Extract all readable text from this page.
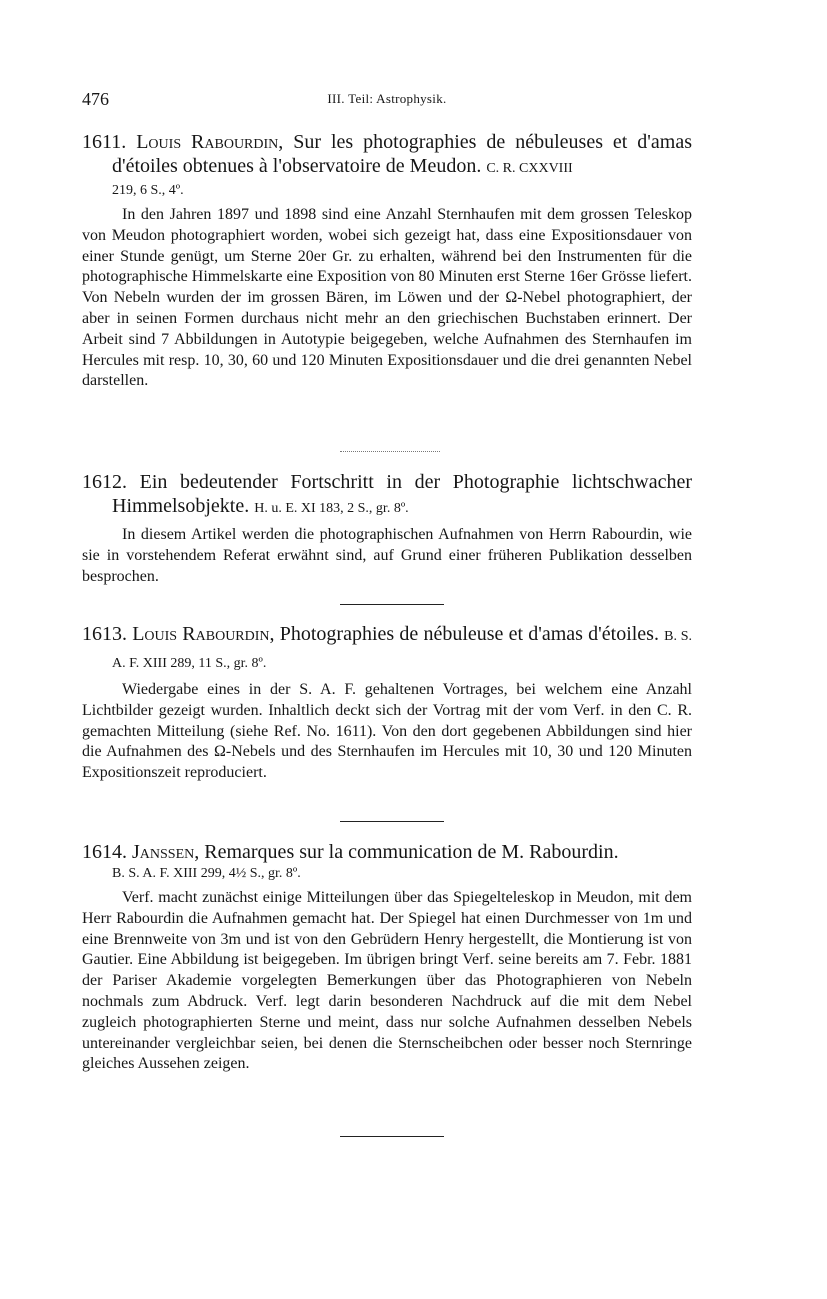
476	III. Teil: Astrophysik.

1611. Louis Rabourdin, Sur les photographies de nébuleuses et d'amas d'étoiles obtenues à l'observatoire de Meudon. C. R. CXXVIII

219, 6 S., 4º.

In den Jahren 1897 und 1898 sind eine Anzahl Sternhaufen mit dem grossen Teleskop von Meudon photographiert worden, wobei sich gezeigt hat, dass eine Expositionsdauer von einer Stunde genügt, um Sterne 20er Gr. zu erhalten, während bei den Instrumenten für die photographische Himmelskarte eine Exposition von 80 Minuten erst Sterne 16er Grösse liefert. Von Nebeln wurden der im grossen Bären, im Löwen und der Ω-Nebel photographiert, der aber in seinen Formen durchaus nicht mehr an den griechischen Buchstaben erinnert. Der Arbeit sind 7 Abbildungen in Autotypie beigegeben, welche Aufnahmen des Sternhaufen im Hercules mit resp. 10, 30, 60 und 120 Minuten Expositionsdauer und die drei genannten Nebel darstellen.

1612. Ein bedeutender Fortschritt in der Photographie lichtschwacher Himmelsobjekte. H. u. E. XI 183, 2 S., gr. 8º.

In diesem Artikel werden die photographischen Aufnahmen von Herrn Rabourdin, wie sie in vorstehendem Referat erwähnt sind, auf Grund einer früheren Publikation desselben besprochen.

1613. Louis Rabourdin, Photographies de nébuleuse et d'amas d'étoiles. B. S. A. F. XIII 289, 11 S., gr. 8º.

Wiedergabe eines in der S. A. F. gehaltenen Vortrages, bei welchem eine Anzahl Lichtbilder gezeigt wurden. Inhaltlich deckt sich der Vortrag mit der vom Verf. in den C. R. gemachten Mitteilung (siehe Ref. No. 1611). Von den dort gegebenen Abbildungen sind hier die Aufnahmen des Ω-Nebels und des Sternhaufen im Hercules mit 10, 30 und 120 Minuten Expositionszeit reproduciert.

1614. Janssen, Remarques sur la communication de M. Rabourdin.

B. S. A. F. XIII 299, 4½ S., gr. 8º.

Verf. macht zunächst einige Mitteilungen über das Spiegelteleskop in Meudon, mit dem Herr Rabourdin die Aufnahmen gemacht hat. Der Spiegel hat einen Durchmesser von 1m und eine Brennweite von 3m und ist von den Gebrüdern Henry hergestellt, die Montierung ist von Gautier. Eine Abbildung ist beigegeben. Im übrigen bringt Verf. seine bereits am 7. Febr. 1881 der Pariser Akademie vorgelegten Bemerkungen über das Photographieren von Nebeln nochmals zum Abdruck. Verf. legt darin besonderen Nachdruck auf die mit dem Nebel zugleich photographierten Sterne und meint, dass nur solche Aufnahmen desselben Nebels untereinander vergleichbar seien, bei denen die Sternscheibchen oder besser noch Sternringe gleiches Aussehen zeigen.
